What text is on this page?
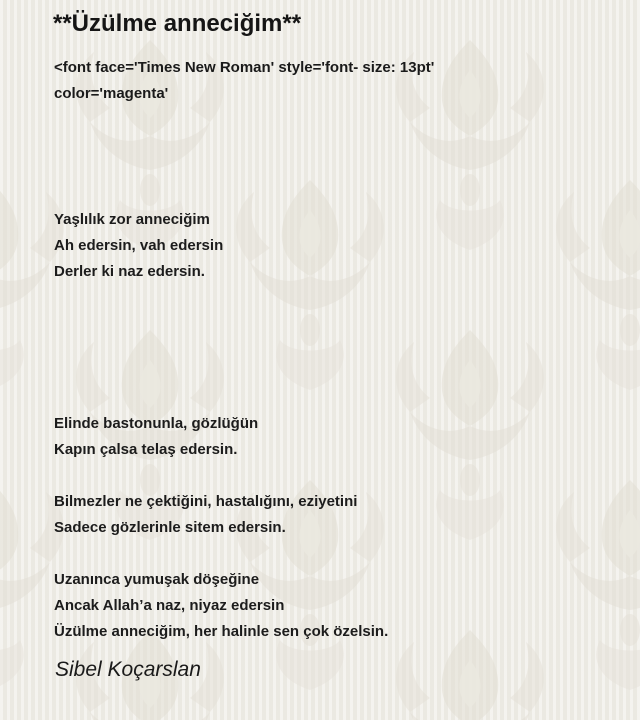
**Üzülme anneciğim**
<font face='Times New Roman' style='font- size: 13pt' color='magenta'
Yaşlılık zor anneciğim
Ah edersin, vah edersin
Derler ki naz edersin.
Elinde bastonunla, gözlüğün
Kapın çalsa telaş edersin.
Bilmezler ne çektiğini, hastalığını, eziyetini
Sadece gözlerinle sitem edersin.
Uzanınca yumuşak döşeğine
Ancak Allah’a naz, niyaz edersin
Üzülme anneciğim, her halinle sen çok özelsin.
Sibel Koçarslan
